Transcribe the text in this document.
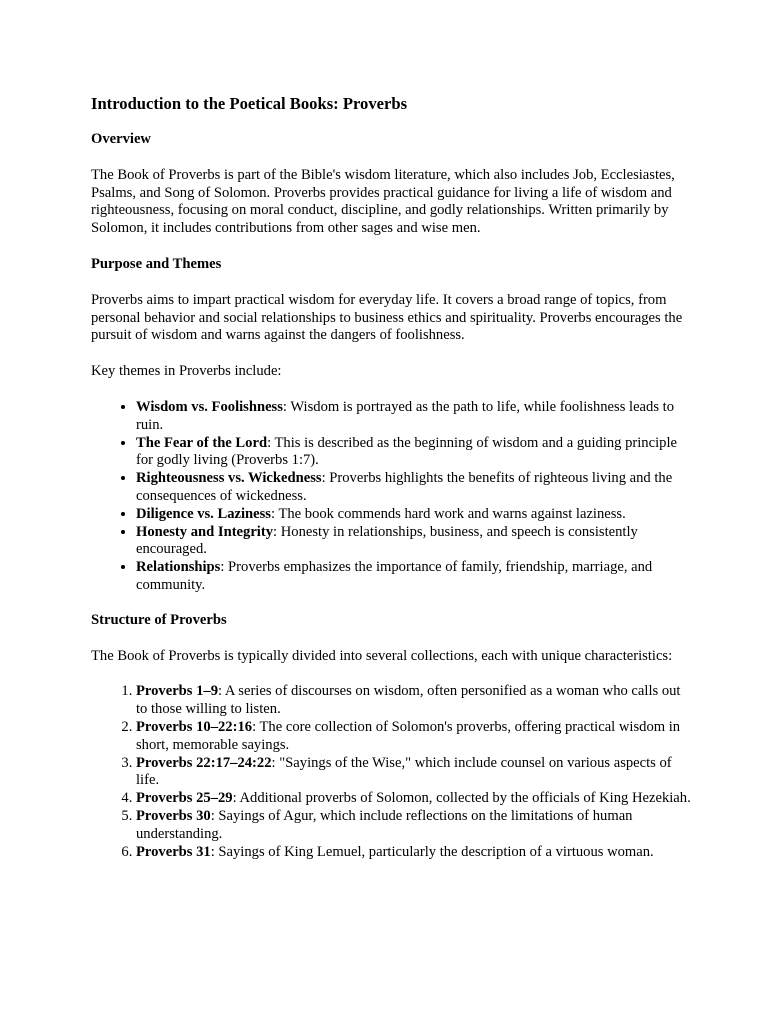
Introduction to the Poetical Books: Proverbs
Overview

The Book of Proverbs is part of the Bible's wisdom literature, which also includes Job, Ecclesiastes, Psalms, and Song of Solomon. Proverbs provides practical guidance for living a life of wisdom and righteousness, focusing on moral conduct, discipline, and godly relationships. Written primarily by Solomon, it includes contributions from other sages and wise men.

Purpose and Themes

Proverbs aims to impart practical wisdom for everyday life. It covers a broad range of topics, from personal behavior and social relationships to business ethics and spirituality. Proverbs encourages the pursuit of wisdom and warns against the dangers of foolishness.

Key themes in Proverbs include:

• Wisdom vs. Foolishness: Wisdom is portrayed as the path to life, while foolishness leads to ruin.
• The Fear of the Lord: This is described as the beginning of wisdom and a guiding principle for godly living (Proverbs 1:7).
• Righteousness vs. Wickedness: Proverbs highlights the benefits of righteous living and the consequences of wickedness.
• Diligence vs. Laziness: The book commends hard work and warns against laziness.
• Honesty and Integrity: Honesty in relationships, business, and speech is consistently encouraged.
• Relationships: Proverbs emphasizes the importance of family, friendship, marriage, and community.
Structure of Proverbs

The Book of Proverbs is typically divided into several collections, each with unique characteristics:

1. Proverbs 1–9: A series of discourses on wisdom, often personified as a woman who calls out to those willing to listen.
2. Proverbs 10–22:16: The core collection of Solomon's proverbs, offering practical wisdom in short, memorable sayings.
3. Proverbs 22:17–24:22: "Sayings of the Wise," which include counsel on various aspects of life.
4. Proverbs 25–29: Additional proverbs of Solomon, collected by the officials of King Hezekiah.
5. Proverbs 30: Sayings of Agur, which include reflections on the limitations of human understanding.
6. Proverbs 31: Sayings of King Lemuel, particularly the description of a virtuous woman.
